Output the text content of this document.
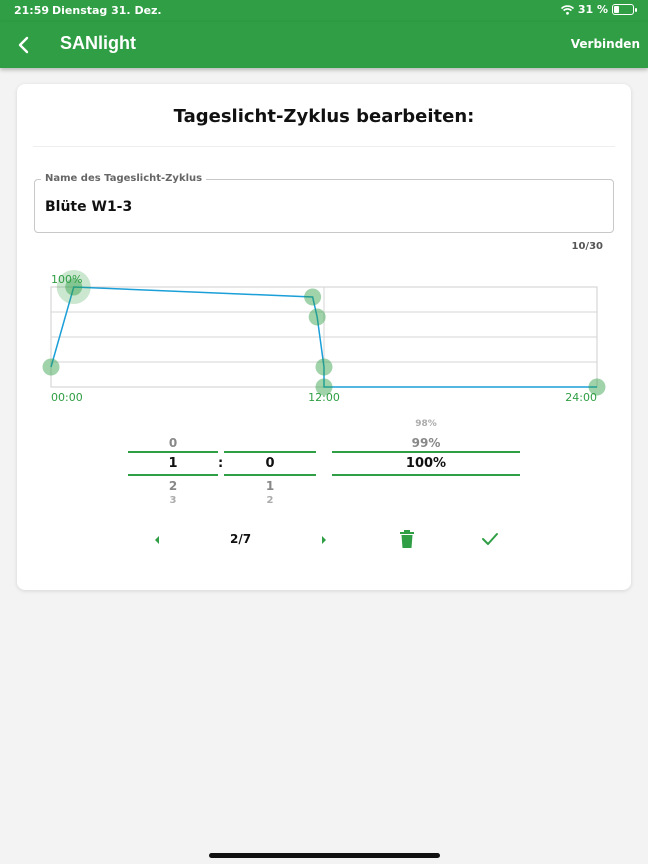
21:59 Dienstag 31. Dez.	31 %
SANlight	Verbinden
Tageslicht-Zyklus bearbeiten:
Name des Tageslicht-Zyklus
Blüte W1-3
10/30
100%
00:00	12:00	24:00
0
1
2
3
:	0
1
2
98%
99%
100%
2/7
